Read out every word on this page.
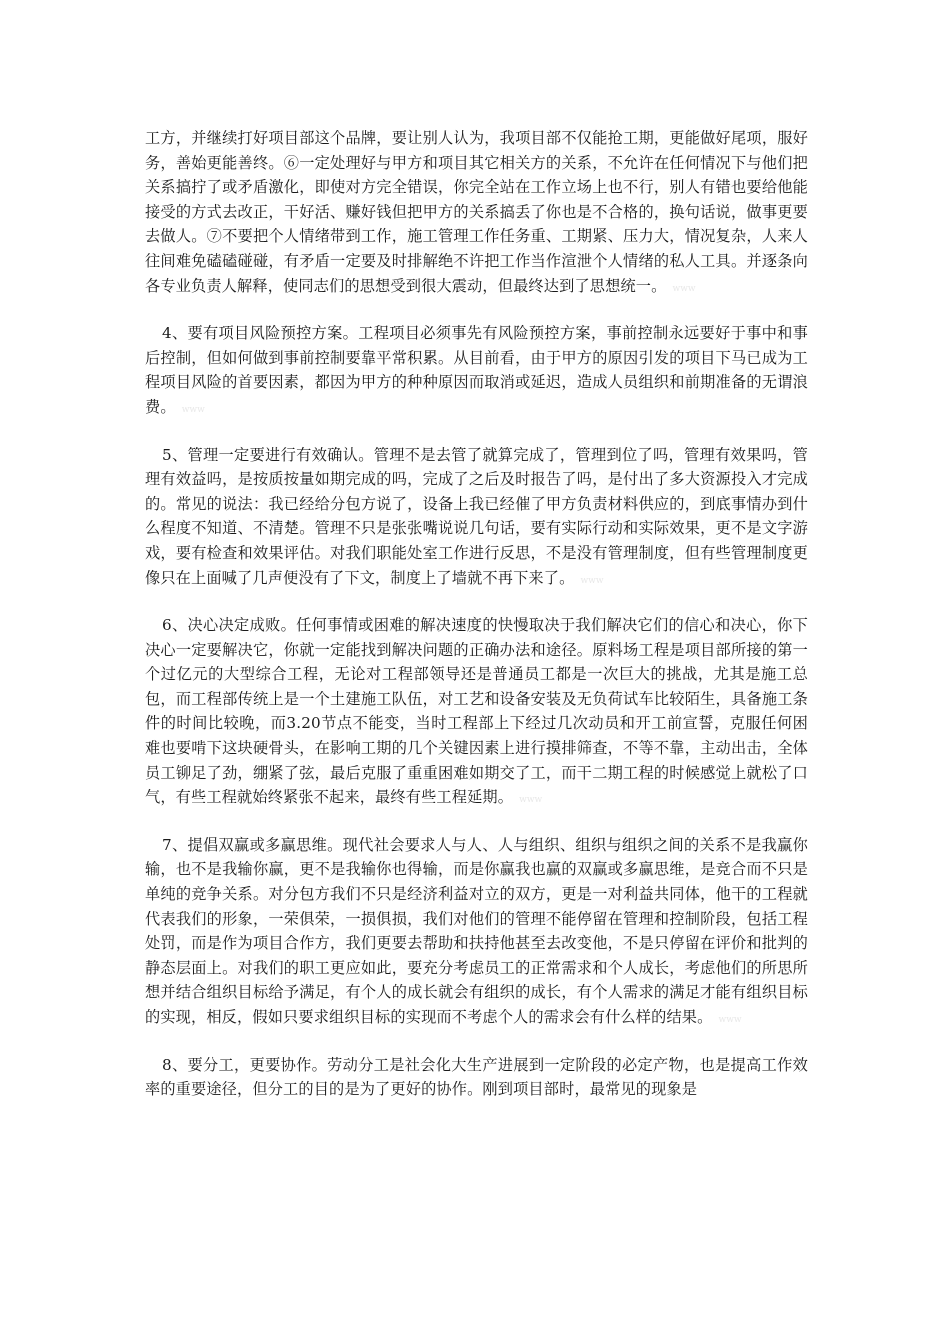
工方，并继续打好项目部这个品牌，要让别人认为，我项目部不仅能抢工期，更能做好尾项，服好务，善始更能善终。⑥一定处理好与甲方和项目其它相关方的关系，不允许在任何情况下与他们把关系搞拧了或矛盾激化，即使对方完全错误，你完全站在工作立场上也不行，别人有错也要给他能接受的方式去改正，干好活、赚好钱但把甲方的关系搞丢了你也是不合格的，换句话说，做事更要去做人。⑦不要把个人情绪带到工作，施工管理工作任务重、工期紧、压力大，情况复杂，人来人往间难免磕磕碰碰，有矛盾一定要及时排解绝不许把工作当作渲泄个人情绪的私人工具。并逐条向各专业负责人解释，使同志们的思想受到很大震动，但最终达到了思想统一。 www

4、要有项目风险预控方案。工程项目必须事先有风险预控方案，事前控制永远要好于事中和事后控制，但如何做到事前控制要靠平常积累。从目前看，由于甲方的原因引发的项目下马已成为工程项目风险的首要因素，都因为甲方的种种原因而取消或延迟，造成人员组织和前期准备的无谓浪费。 www

5、管理一定要进行有效确认。管理不是去管了就算完成了，管理到位了吗，管理有效果吗，管理有效益吗，是按质按量如期完成的吗，完成了之后及时报告了吗，是付出了多大资源投入才完成的。常见的说法：我已经给分包方说了，设备上我已经催了甲方负责材料供应的，到底事情办到什么程度不知道、不清楚。管理不只是张张嘴说说几句话，要有实际行动和实际效果，更不是文字游戏，要有检查和效果评估。对我们职能处室工作进行反思，不是没有管理制度，但有些管理制度更像只在上面喊了几声便没有了下文，制度上了墙就不再下来了。 www

6、决心决定成败。任何事情或困难的解决速度的快慢取决于我们解决它们的信心和决心，你下决心一定要解决它，你就一定能找到解决问题的正确办法和途径。原料场工程是项目部所接的第一个过亿元的大型综合工程，无论对工程部领导还是普通员工都是一次巨大的挑战，尤其是施工总包，而工程部传统上是一个土建施工队伍，对工艺和设备安装及无负荷试车比较陌生，具备施工条件的时间比较晚，而3.20节点不能变，当时工程部上下经过几次动员和开工前宣誓，克服任何困难也要啃下这块硬骨头，在影响工期的几个关键因素上进行摸排筛查，不等不靠，主动出击，全体员工铆足了劲，绷紧了弦，最后克服了重重困难如期交了工，而干二期工程的时候感觉上就松了口气，有些工程就始终紧张不起来，最终有些工程延期。 www

7、提倡双赢或多赢思维。现代社会要求人与人、人与组织、组织与组织之间的关系不是我赢你输，也不是我输你赢，更不是我输你也得输，而是你赢我也赢的双赢或多赢思维，是竞合而不只是单纯的竞争关系。对分包方我们不只是经济利益对立的双方，更是一对利益共同体，他干的工程就代表我们的形象，一荣俱荣，一损俱损，我们对他们的管理不能停留在管理和控制阶段，包括工程处罚，而是作为项目合作方，我们更要去帮助和扶持他甚至去改变他，不是只停留在评价和批判的静态层面上。对我们的职工更应如此，要充分考虑员工的正常需求和个人成长，考虑他们的所思所想并结合组织目标给予满足，有个人的成长就会有组织的成长，有个人需求的满足才能有组织目标的实现，相反，假如只要求组织目标的实现而不考虑个人的需求会有什么样的结果。 www

8、要分工，更要协作。劳动分工是社会化大生产进展到一定阶段的必定产物，也是提高工作效率的重要途径，但分工的目的是为了更好的协作。刚到项目部时，最常见的现象是
